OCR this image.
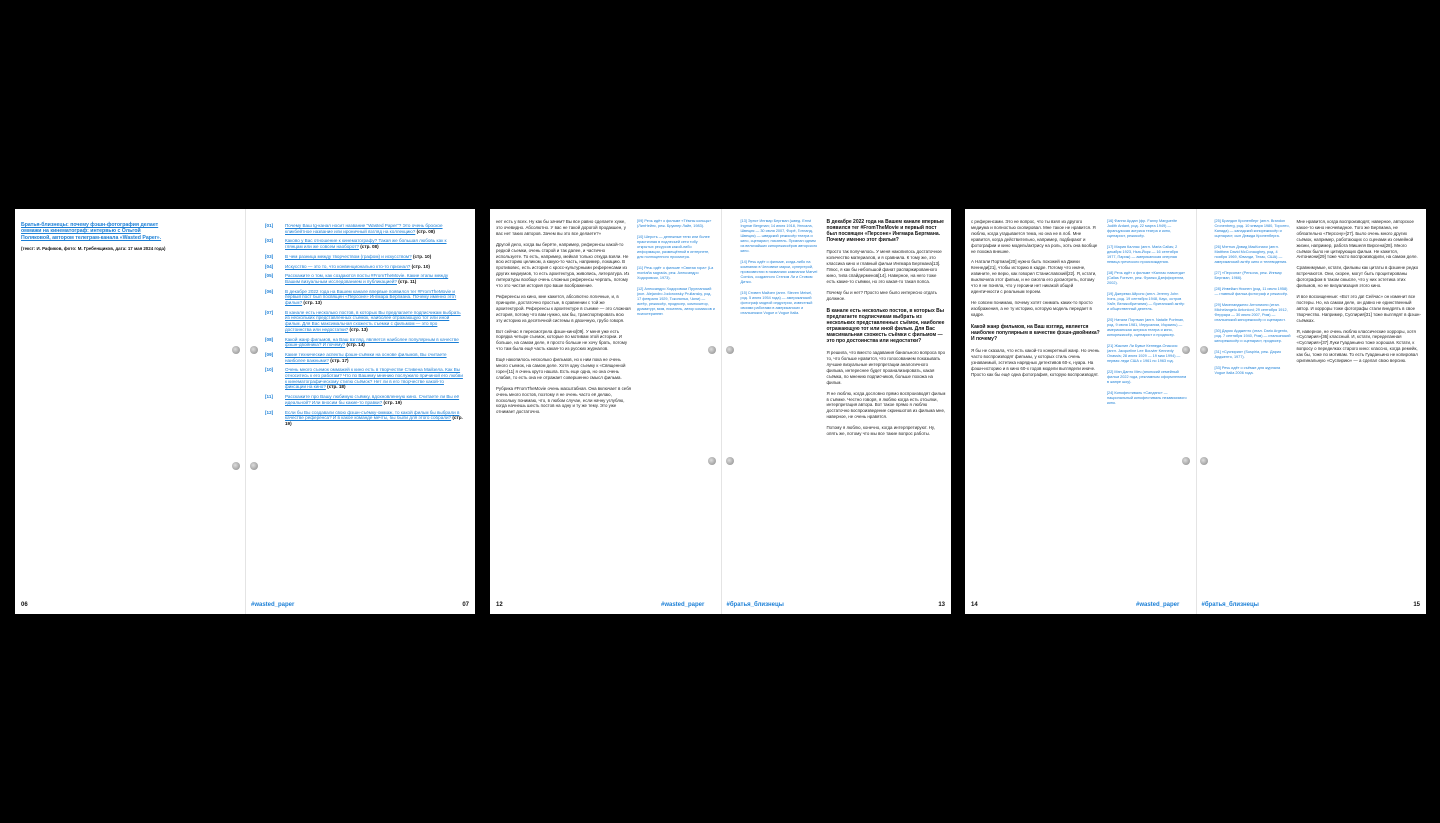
Братья-близнецы: почему фэшн-фотография делает оммажи на кинематограф: интервью с Ольгой Поляковой, автором телеграм-канала «Wasted Paper».
(текст: И. Рафиков, фото: М. Гребенщиков, дата: 17 мая 2024 года)
06
[01]	Почему Ваш tg-канал носит название "Wasted Paper"? Это очень броское кликбейтное название или ироничный взгляд на коллекцию? (стр. 08)
[02]	Каково у Вас отношение к кинематографу? Такая же большая любовь как к глянцам или же совсем наоборот? (стр. 08)
[03]	В чем разница между творчеством (графом) и искусством? (стр. 10)
[04]	Искусство — это то, что конвенционально кто-то признал? (стр. 10)
[05]	Расскажите о том, как создаются посты #FromTheMovie. Какие этапы между Вашим визуальным исследованием и публикацией? (стр. 11)
[06]	В декабре 2022 года на Вашем канале впервые появился тег #FromTheMovie и первый пост был посвящен «Персоне» Ингмара Бергмана. Почему именно этот фильм? (стр. 13)
[07]	В канале есть несколько постов, в которых Вы предлагаете подписчикам выбрать из нескольких представленных съемок, наиболее отражающую тот или иной фильм. Для Вас максимальная схожесть съемки с фильмом — это про достоинства или недостатки? (стр. 13)
[08]	Какой жанр фильмов, на Ваш взгляд, является наиболее популярным в качестве фэшн-двойника? И почему? (стр. 14)
[09]	Какие технические аспекты фэшн-съёмки на основе фильмов, Вы считаете наиболее важными? (стр. 17)
[10]	Очень много съемок оммажей к кино есть в творчестве Стивена Майзела. Как Вы относитесь к его работам? Что по Вашему мнению послужило причиной его любви к кинематографическому стилю съёмок? Нет ли в его творчестве какой-то фиксации на кино? (стр. 18)
[11]	Расскажите про Вашу любимую съёмку, вдохновленную кино. Считаете ли Вы её идеальной? Или вносим бы какие-то правки? (стр. 19)
[12]	Если бы Вы создавали свою фэшн-съёмку-оммаж, то какой фильм бы выбрали в качестве референса? И в какое команде мечты, бы были для этого собрали? (стр. 19)
#wasted_paper	07

нет есть у всех. Ну как бы зачем? Вы все равно сделаете хуже, это очевидно. Абсолютно. У вас не такой дорогой продакшен, у вас нет таких авторов. Зачем вы это все делаете?»

Другой дело, когда вы берёте, например, референсы какой-то редкой съемки, очень старой и так далее, и частично используете. То есть, например, мейкап только откуда взяли. Не всю историю целиком, а какую-то часть, например, локацию. В противовес, есть история с кросс-культурными референсами из других медиумов, то есть архитектура, живопись, литература. Из литературы вообще очень сложных референсы черпать, потому что это чистая история про ваше воображение.

Референсы из кино, мне кажется, абсолютно логичные, и, в принципе, достаточно простые, в сравнении с той же архитектурой. Референсы к архитектуре в съемке — это сложная история, потому что вам нужно, как бы, транспортировать всю эту историю из десятичной системы в двоичную, грубо говоря.

Вот сейчас я пересмотрела фэшн-кино[09]. У меня уже есть порядка четыре съемок, которые по мотивам этой истории. И больше, на самом деле, я просто больше не хочу брать, потому что там была ещё часть какая-то из русских журналов.

Ещё накопилось несколько фильмов, но к ним пока не очень много съемок, на самом деле. Хотя одну съемку к «Священной горе»[11] я очень круто нашла. Есть еще одна, но она очень слабая, то есть она не отражает совершенно смысл фильма.

Рубрика #FromTheMovie очень масштабная. Она включает в себя очень много постов, поэтому я не очень часто её делаю, поскольку понимаю, что, в любом случае, если начну углублю, когда начнешь шесть постов на одну и ту же тему. Это уже отнимает достаточно.

[09] Речь идёт о фильме «Тёмны кольцы» (ЛинНейнс, реж. Брукнер Лайн, 1983).
[10] Шерсть — денежные тени или более практичная в подлесьей сети тобу открытых ресурсов какой-либо информации, размещённой в интернете, для полноценного просмотра.
[11] Речь идёт о фильме «Святая гора» (La montaña sagrada, реж. Александро Ходоровски, 1973).
[12] Александро Ходоровски Прулланский (исп. Alejandro Jodorowsky Prullansky, род. 17 февраля 1929, Токопилья, Чили) — актёр, режиссёр, продюсер, композитор, драматург, мим, писатель, автор комиксов и психотерапевт.
12	#wasted_paper
[13] Эрнст Ингмар Бергман (швед. Ernst Ingmar Bergman; 14 июля 1918, Уппсала, Швеция — 30 июля 2007, Форё, Готланд, Швеция) — шведский режиссёр театра и кино, сценарист, писатель. Признан одним из величайших кинорежиссёров авторского кино.
[14] Речь идёт о фильме, когда-либо на компании в Человеке марки, супергерой, провозвестии в названиях кампании Marvel Comics, созданного Стэном Ли и Стивом Дитко.
[15] Стивен Майзел (англ. Steven Meisel, род. 5 июня 1954 года) — американский фотограф модной индустрии, известный своими работами в американских и итальянских Vogue и Vogue Italia.
В декабре 2022 года на Вашем канале впервые появился тег #FromTheMovie и первый пост был посвящен «Персоне» Ингмара Бергмана. Почему именно этот фильм?

Просто так получилось. У меня накопилось достаточное количество материалов, и я сравнила. К тому же, это классика кино и главный фильм Ингмара Бергмана[13]. Плюс, я как бы небольшой фанат распаржированного кино, типа спайдерменов[14]. Наверное, на него тоже есть какие-то съёмки, но это какая-то такая попса.

Почему бы и нет? Просто мне было интересно отдать должное.

В канале есть несколько постов, в которых Вы предлагаете подписчикам выбрать из нескольких представленных съёмок, наиболее отражающую тот или иной фильм. Для Вас максимальная схожесть съёмки с фильмом — это про достоинства или недостатки?

Я решила, что вместо задавания банального вопроса про то, что больше нравится, что голосованием показывать лучшие визуальные интерпретации аналогичного фильма, интереснее будет проанализировать, какая съёмка, по мнению подписчиков, больше похожа на фильм.

Я не люблю, когда дословно прямо воспроизводят фильм в съёмке. Честно говоря, я люблю когда есть отсылки, интерпретация автора. Вот такое прямо я люблю достаточно воспроизведение скриншотов из фильма мне, наверное, не очень нравятся.

Потому я люблю, конечно, когда интерпретируют. Ну, опять же, потому что мы все такие вопрос работы.

#братья_близнецы	13

с референсами. Это не вопрос, что ты взял из другого медиума и полностью скопировал. Мне такое не нравится. Я люблю, когда угадывается тема, но она не в лоб. Мне нравится, когда действительно, например, подбирают и фотографии и кино модель/актрису на роль, хоть она вообще не похожа внешне.

А Натали Портман[20] нужно быть похожей на Джеки Кеннеди[21], чтобы историю в кадре. Потому что иначе, извините, не верю, как говорил Станиславский[22]. Я, кстати, выключила этот фильм, и не смогла его досмотреть, потому что я не поняла, что у героини нет никакой общей идентичности с реальным героем.

Не совсем понимаю, почему хотят снимать каких-то просто изображения, а не ту историю, которую модель передает в кадре.

Какой жанр фильмов, на Ваш взгляд, является наиболее популярным в качестве фэшн-двойника? И почему?

Я бы не сказала, что есть какой-то конкретный жанр. Но очень часто воспроизводят фильмы, у которых стиль очень узнаваемый, эстетика нарядных детективов 60-х, нуара. На фэшн-историю и в кино 60-х годов модели выглядели иначе. Просто как бы ещё одна фотография, которую воспроизводят.

[16] Фанни Ардан (фр. Fanny Marguerite Judith Ardant, род. 22 марта 1949) — французская актриса театра и кино, сценарист, режиссёр.
[17] Мария Каллас (англ. Maria Callas; 2 декабря 1923, Нью-Йорк — 16 сентября 1977, Париж) — американская оперная певица греческого происхождения.
[18] Речь идёт о фильме «Каллас навсегда» (Callas Forever, реж. Франко Дзеффирелли, 2002).
[19] Джереми Айронс (англ. Jeremy John Irons, род. 19 сентября 1948, Каус, остров Уайт, Великобритания) — британский актёр и общественный деятель.
[20] Натали Портман (англ. Natalie Portman, род. 9 июня 1981, Иерусалим, Израиль) — американская актриса театра и кино, кинорежиссёр, сценарист и продюсер.
[21] Жаклин Ли Бувье Кеннеди-Онассис (англ. Jacqueline Lee Bouvier Kennedy Onassis; 28 июля 1929 — 19 мая 1994) — первая леди США с 1961 по 1963 год.
[22] Мэн Данто Меч (японский семейный фильм 2022 года, рекламным оформлением в жанре шоу).
[24] Кинофестиваль «Сандэнс» — национальный кинофестиваль независимого кино.
14	#wasted_paper
[25] Брандон Кроненберг (англ. Brandon Cronenberg, род. 10 января 1980, Торонто, Канада) — канадский кинорежиссёр и сценарист, сын Дэвида Кроненберга.
[26] Мэттью Дэвид МакКонахи (англ. Matthew David McConaughey, род. 4 ноября 1969, Ювалди, Техас, США) — американский актёр кино и телевидения.
[27] «Персона» (Persona, реж. Ингмар Бергман, 1966).
[28] Инвейжн Ниспен (род. 11 июля 1958) — главный фильм-фотограф и режиссёр.
[29] Микеланджело Антониони (итал. Michelangelo Antonioni; 29 сентября 1912, Феррара — 30 июля 2007, Рим) — итальянский кинорежиссёр и сценарист.
[30] Дарио Ардженто (итал. Dario Argento, род. 7 сентября 1940, Рим) — итальянский кинорежиссёр и сценарист, продюсер.
[31] «Суспирия» (Suspiria, реж. Дарио Ардженто, 1977).
[33] Речь идёт о съёмке для журнала Vogue Italia 2006 года.

Мне нравится, когда воспроизводят, наверное, авторское какое-то кино неочевидное. Того же Бергмана, не обязательно «Персону»[27]. Было очень много других съёмок, например, работающих со сценами из семейной жизни, например, работа Мишеля Вирсена[28]. Много съёмок было не цитирующих фильм. Не кажется, Антониони[29] тоже часто воспроизводили, на самом деле.

Сравнимумые, кстати, фильмы как цитаты в фэшене редко встречаются. Они, скорее, могут быть процитированы фотографом в таком смысле, что у них эстетика этих фильмов, но не визуализация этого кино.

И все восхищенные: «Вот это да! Сейчас» он изменит все постеры. Но, на самом деле, он давно не единственный автор. И хорроры тоже фотографы стали внедрять в свое творчество. Например, Суспирия[31] тоже выглядят в фэшн-съёмках.

Я, наверное, не очень люблю классические хорроры, хотя «Суспирия»[36] классный. И, кстати, переделанная «Суспирия»[37] Луки Гуаданьино тоже хорошая. Кстати, к вопросу о переделках старого кино: классно, когда ремейк, как бы, тоже по мотивам. То есть Гуаданьино не копировал оригинальную «Суспирию» — а сделал свою версию.

#братья_близнецы	15
